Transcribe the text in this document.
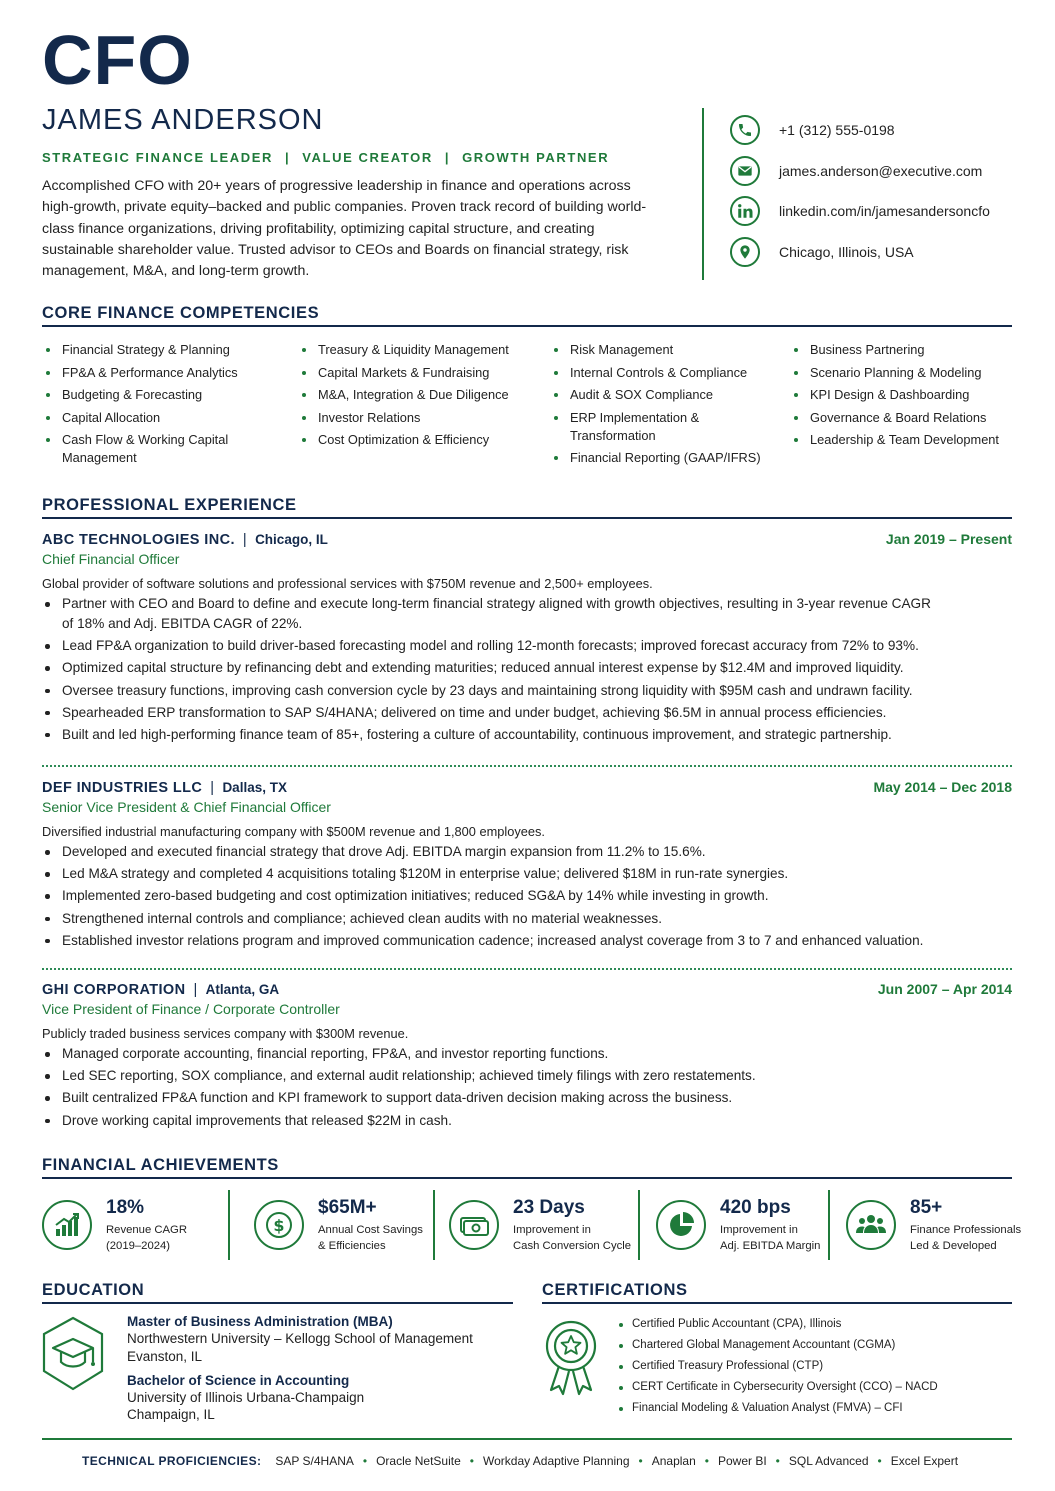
CFO
JAMES ANDERSON
STRATEGIC FINANCE LEADER | VALUE CREATOR | GROWTH PARTNER

Accomplished CFO with 20+ years of progressive leadership in finance and operations across high-growth, private equity–backed and public companies. Proven track record of building world-class finance organizations, driving profitability, optimizing capital structure, and creating sustainable shareholder value. Trusted advisor to CEOs and Boards on financial strategy, risk management, M&A, and long-term growth.

+1 (312) 555-0198
james.anderson@executive.com
linkedin.com/in/jamesandersoncfo
Chicago, Illinois, USA
CORE FINANCE COMPETENCIES
Financial Strategy & Planning
FP&A & Performance Analytics
Budgeting & Forecasting
Capital Allocation
Cash Flow & Working Capital Management
Treasury & Liquidity Management
Capital Markets & Fundraising
M&A, Integration & Due Diligence
Investor Relations
Cost Optimization & Efficiency
Risk Management
Internal Controls & Compliance
Audit & SOX Compliance
ERP Implementation & Transformation
Financial Reporting (GAAP/IFRS)
Business Partnering
Scenario Planning & Modeling
KPI Design & Dashboarding
Governance & Board Relations
Leadership & Team Development
PROFESSIONAL EXPERIENCE
ABC TECHNOLOGIES INC. | Chicago, IL	Jan 2019 – Present
Chief Financial Officer
Global provider of software solutions and professional services with $750M revenue and 2,500+ employees.
Partner with CEO and Board to define and execute long-term financial strategy aligned with growth objectives, resulting in 3-year revenue CAGR of 18% and Adj. EBITDA CAGR of 22%.
Lead FP&A organization to build driver-based forecasting model and rolling 12-month forecasts; improved forecast accuracy from 72% to 93%.
Optimized capital structure by refinancing debt and extending maturities; reduced annual interest expense by $12.4M and improved liquidity.
Oversee treasury functions, improving cash conversion cycle by 23 days and maintaining strong liquidity with $95M cash and undrawn facility.
Spearheaded ERP transformation to SAP S/4HANA; delivered on time and under budget, achieving $6.5M in annual process efficiencies.
Built and led high-performing finance team of 85+, fostering a culture of accountability, continuous improvement, and strategic partnership.
DEF INDUSTRIES LLC | Dallas, TX	May 2014 – Dec 2018
Senior Vice President & Chief Financial Officer
Diversified industrial manufacturing company with $500M revenue and 1,800 employees.
Developed and executed financial strategy that drove Adj. EBITDA margin expansion from 11.2% to 15.6%.
Led M&A strategy and completed 4 acquisitions totaling $120M in enterprise value; delivered $18M in run-rate synergies.
Implemented zero-based budgeting and cost optimization initiatives; reduced SG&A by 14% while investing in growth.
Strengthened internal controls and compliance; achieved clean audits with no material weaknesses.
Established investor relations program and improved communication cadence; increased analyst coverage from 3 to 7 and enhanced valuation.
GHI CORPORATION | Atlanta, GA	Jun 2007 – Apr 2014
Vice President of Finance / Corporate Controller
Publicly traded business services company with $300M revenue.
Managed corporate accounting, financial reporting, FP&A, and investor reporting functions.
Led SEC reporting, SOX compliance, and external audit relationship; achieved timely filings with zero restatements.
Built centralized FP&A function and KPI framework to support data-driven decision making across the business.
Drove working capital improvements that released $22M in cash.
FINANCIAL ACHIEVEMENTS
18%
Revenue CAGR
(2019–2024)
$
$65M+
Annual Cost Savings
& Efficiencies
23 Days
Improvement in
Cash Conversion Cycle
420 bps
Improvement in
Adj. EBITDA Margin
85+
Finance Professionals
Led & Developed
EDUCATION
Master of Business Administration (MBA)
Northwestern University – Kellogg School of Management
Evanston, IL
Bachelor of Science in Accounting
University of Illinois Urbana-Champaign
Champaign, IL
CERTIFICATIONS
Certified Public Accountant (CPA), Illinois
Chartered Global Management Accountant (CGMA)
Certified Treasury Professional (CTP)
CERT Certificate in Cybersecurity Oversight (CCO) – NACD
Financial Modeling & Valuation Analyst (FMVA) – CFI
TECHNICAL PROFICIENCIES: SAP S/4HANA • Oracle NetSuite • Workday Adaptive Planning • Anaplan • Power BI • SQL Advanced • Excel Expert
